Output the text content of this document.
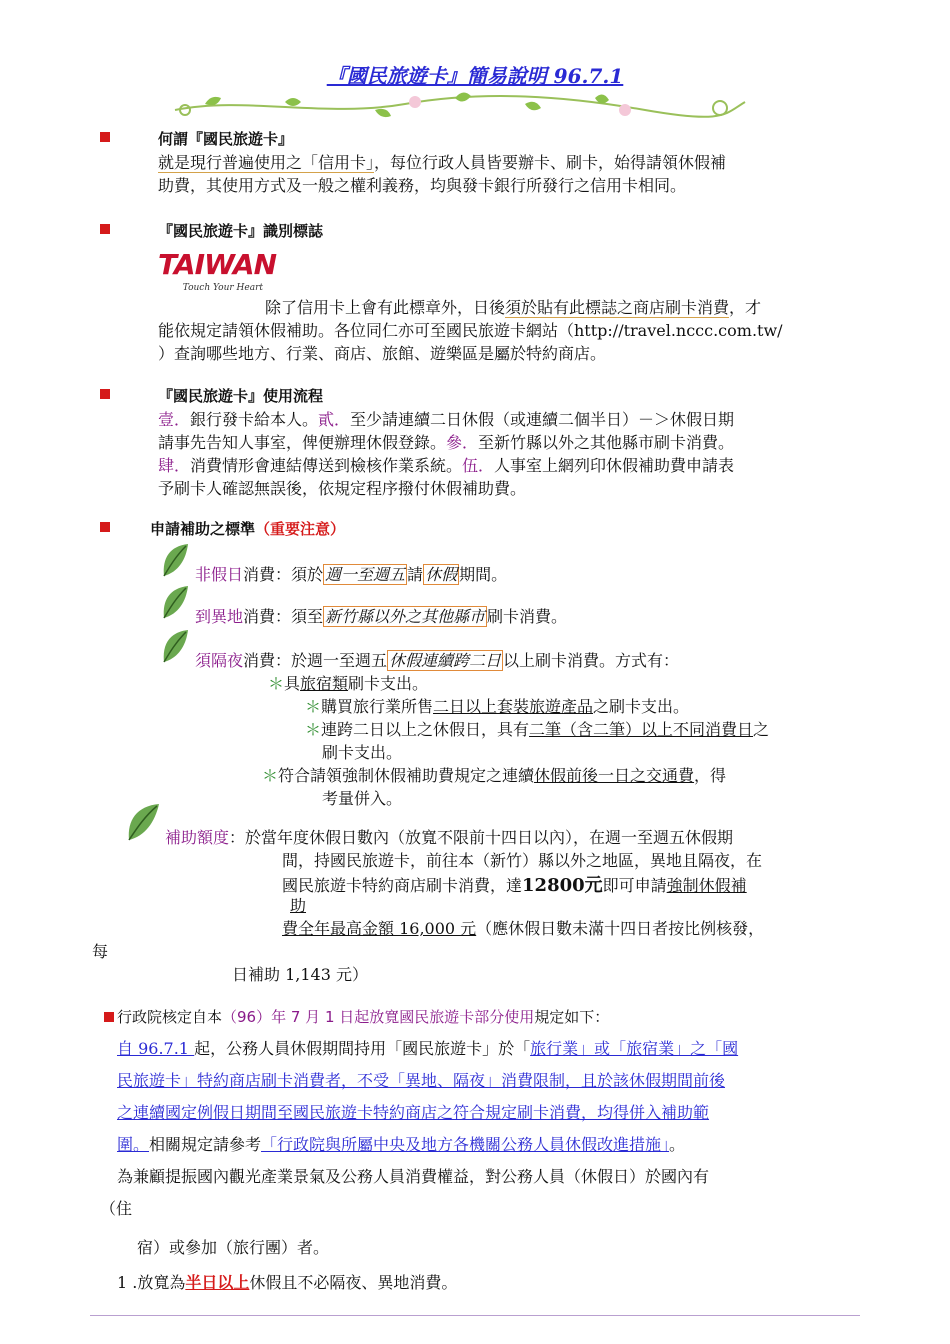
『國民旅遊卡』簡易說明 96.7.1
何謂『國民旅遊卡』
就是現行普遍使用之「信用卡」，每位行政人員皆要辦卡、刷卡，始得請領休假補
助費，其使用方式及一般之權利義務，均與發卡銀行所發行之信用卡相同。
『國民旅遊卡』識別標誌
TAIWAN
Touch Your Heart
除了信用卡上會有此標章外，日後須於貼有此標誌之商店刷卡消費，才
能依規定請領休假補助。各位同仁亦可至國民旅遊卡網站（http://travel.nccc.com.tw/
）查詢哪些地方、行業、商店、旅館、遊樂區是屬於特約商店。
『國民旅遊卡』使用流程
壹．銀行發卡給本人。貳．至少請連續二日休假（或連續二個半日）－＞休假日期
請事先告知人事室，俾便辦理休假登錄。參．至新竹縣以外之其他縣市刷卡消費。
肆．消費情形會連結傳送到檢核作業系統。伍．人事室上網列印休假補助費申請表
予刷卡人確認無誤後，依規定程序撥付休假補助費。
申請補助之標準（重要注意）
非假日消費：須於 週一至週五 請 休假 期間。
到異地消費：須至 新竹縣以外之其他縣市 刷卡消費。
須隔夜消費：於週一至週五 休假連續跨二日 以上刷卡消費。方式有：
＊具旅宿類刷卡支出。
＊購買旅行業所售二日以上套裝旅遊產品之刷卡支出。
＊連跨二日以上之休假日，具有二筆（含二筆）以上不同消費日之
刷卡支出。
＊符合請領強制休假補助費規定之連續休假前後一日之交通費，得
考量併入。
補助額度：於當年度休假日數內（放寬不限前十四日以內），在週一至週五休假期
間，持國民旅遊卡，前往本（新竹）縣以外之地區，異地且隔夜，在
國民旅遊卡特約商店刷卡消費，達12800元即可申請強制休假補
助
費全年最高金額 16,000 元（應休假日數未滿十四日者按比例核發，
每
日補助 1,143 元）
行政院核定自本（96）年 7 月 1 日起放寬國民旅遊卡部分使用規定如下：
自 96.7.1 起，公務人員休假期間持用「國民旅遊卡」於「旅行業」或「旅宿業」之「國
民旅遊卡」特約商店刷卡消費者，不受「異地、隔夜」消費限制，且於該休假期間前後
之連續國定例假日期間至國民旅遊卡特約商店之符合規定刷卡消費，均得併入補助範
圍。相關規定請參考「行政院與所屬中央及地方各機關公務人員休假改進措施」。
為兼顧提振國內觀光產業景氣及公務人員消費權益，對公務人員（休假日）於國內有
（住
宿）或參加（旅行團）者。
1 .放寬為半日以上休假且不必隔夜、異地消費。
